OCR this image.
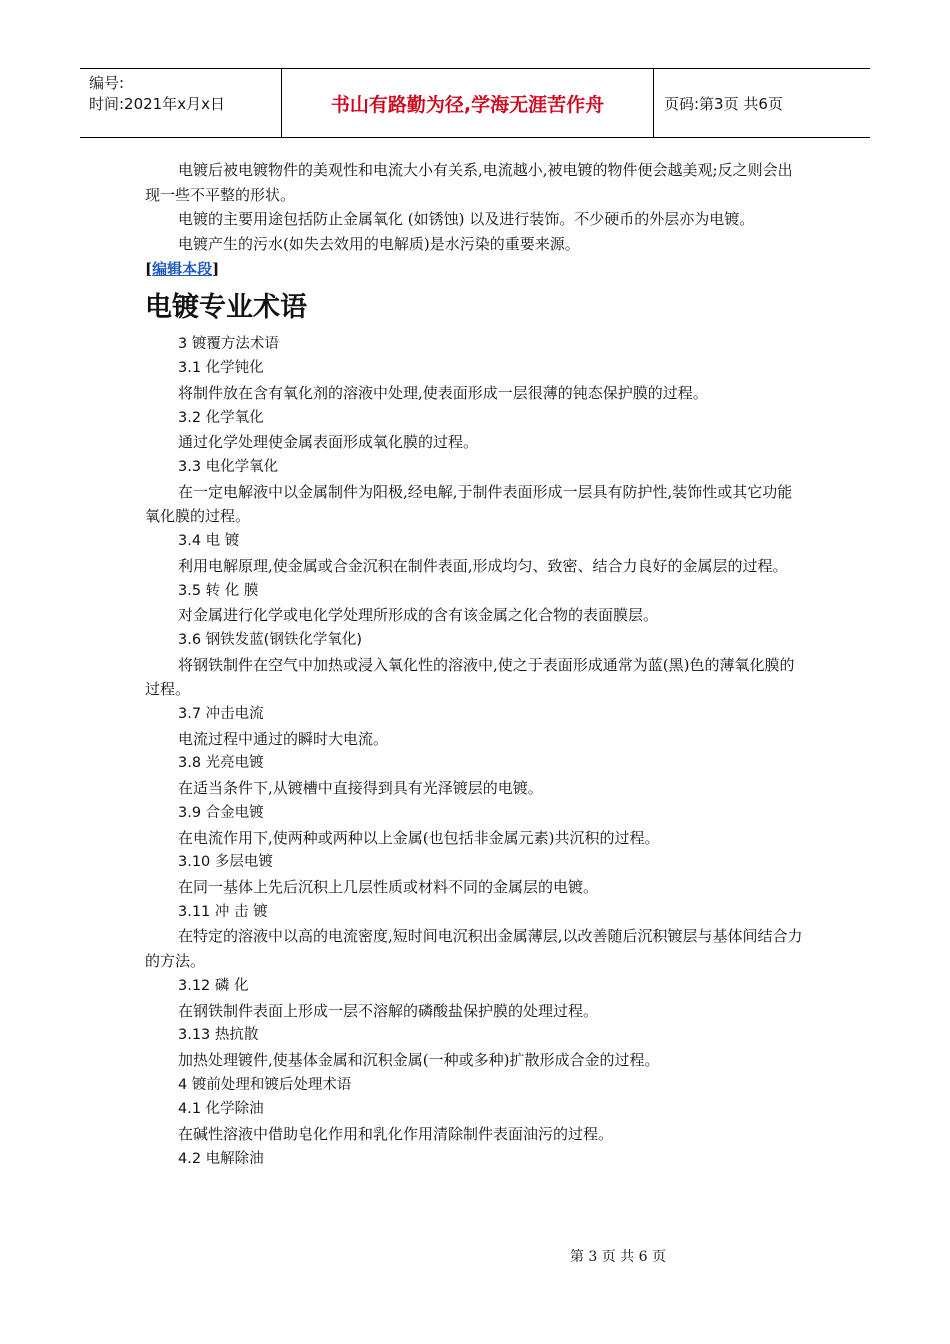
编号:
时间:2021年x月x日	书山有路勤为径,学海无涯苦作舟	页码:第3页 共6页

电镀后被电镀物件的美观性和电流大小有关系,电流越小,被电镀的物件便会越美观;反之则会出现一些不平整的形状。

电镀的主要用途包括防止金属氧化 (如锈蚀) 以及进行装饰。不少硬币的外层亦为电镀。

电镀产生的污水(如失去效用的电解质)是水污染的重要来源。

[编辑本段]

电镀专业术语

3 镀覆方法术语

3.1 化学钝化

将制件放在含有氧化剂的溶液中处理,使表面形成一层很薄的钝态保护膜的过程。

3.2 化学氧化

通过化学处理使金属表面形成氧化膜的过程。

3.3 电化学氧化

在一定电解液中以金属制件为阳极,经电解,于制件表面形成一层具有防护性,装饰性或其它功能氧化膜的过程。

3.4 电 镀

利用电解原理,使金属或合金沉积在制件表面,形成均匀、致密、结合力良好的金属层的过程。

3.5 转 化 膜

对金属进行化学或电化学处理所形成的含有该金属之化合物的表面膜层。

3.6 钢铁发蓝(钢铁化学氧化)

将钢铁制件在空气中加热或浸入氧化性的溶液中,使之于表面形成通常为蓝(黑)色的薄氧化膜的过程。

3.7 冲击电流

电流过程中通过的瞬时大电流。

3.8 光亮电镀

在适当条件下,从镀槽中直接得到具有光泽镀层的电镀。

3.9 合金电镀

在电流作用下,使两种或两种以上金属(也包括非金属元素)共沉积的过程。

3.10 多层电镀

在同一基体上先后沉积上几层性质或材料不同的金属层的电镀。

3.11 冲 击 镀

在特定的溶液中以高的电流密度,短时间电沉积出金属薄层,以改善随后沉积镀层与基体间结合力的方法。

3.12 磷 化

在钢铁制件表面上形成一层不溶解的磷酸盐保护膜的处理过程。

3.13 热抗散

加热处理镀件,使基体金属和沉积金属(一种或多种)扩散形成合金的过程。

4 镀前处理和镀后处理术语

4.1 化学除油

在碱性溶液中借助皂化作用和乳化作用清除制件表面油污的过程。

4.2 电解除油

第 3 页 共 6 页
